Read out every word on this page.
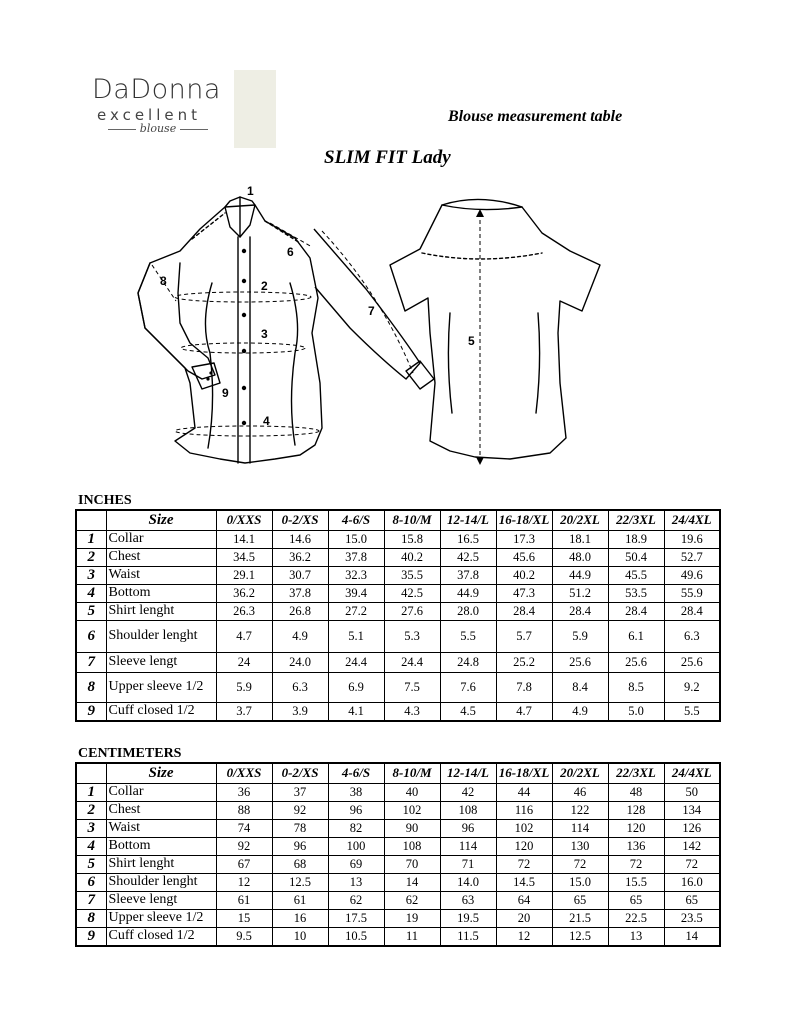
DaDonna
excellent
blouse
Blouse measurement table
SLIM FIT Lady
1
2
3
4
5
6
7
8
9
INCHES
	Size	0/XXS	0-2/XS	4-6/S	8-10/M	12-14/L	16-18/XL	20/2XL	22/3XL	24/4XL
1	Collar	14.1	14.6	15.0	15.8	16.5	17.3	18.1	18.9	19.6
2	Chest	34.5	36.2	37.8	40.2	42.5	45.6	48.0	50.4	52.7
3	Waist	29.1	30.7	32.3	35.5	37.8	40.2	44.9	45.5	49.6
4	Bottom	36.2	37.8	39.4	42.5	44.9	47.3	51.2	53.5	55.9
5	Shirt lenght	26.3	26.8	27.2	27.6	28.0	28.4	28.4	28.4	28.4
6	Shoulder lenght	4.7	4.9	5.1	5.3	5.5	5.7	5.9	6.1	6.3
7	Sleeve lengt	24	24.0	24.4	24.4	24.8	25.2	25.6	25.6	25.6
8	Upper sleeve 1/2	5.9	6.3	6.9	7.5	7.6	7.8	8.4	8.5	9.2
9	Cuff closed 1/2	3.7	3.9	4.1	4.3	4.5	4.7	4.9	5.0	5.5
CENTIMETERS
	Size	0/XXS	0-2/XS	4-6/S	8-10/M	12-14/L	16-18/XL	20/2XL	22/3XL	24/4XL
1	Collar	36	37	38	40	42	44	46	48	50
2	Chest	88	92	96	102	108	116	122	128	134
3	Waist	74	78	82	90	96	102	114	120	126
4	Bottom	92	96	100	108	114	120	130	136	142
5	Shirt lenght	67	68	69	70	71	72	72	72	72
6	Shoulder lenght	12	12.5	13	14	14.0	14.5	15.0	15.5	16.0
7	Sleeve lengt	61	61	62	62	63	64	65	65	65
8	Upper sleeve 1/2	15	16	17.5	19	19.5	20	21.5	22.5	23.5
9	Cuff closed 1/2	9.5	10	10.5	11	11.5	12	12.5	13	14
